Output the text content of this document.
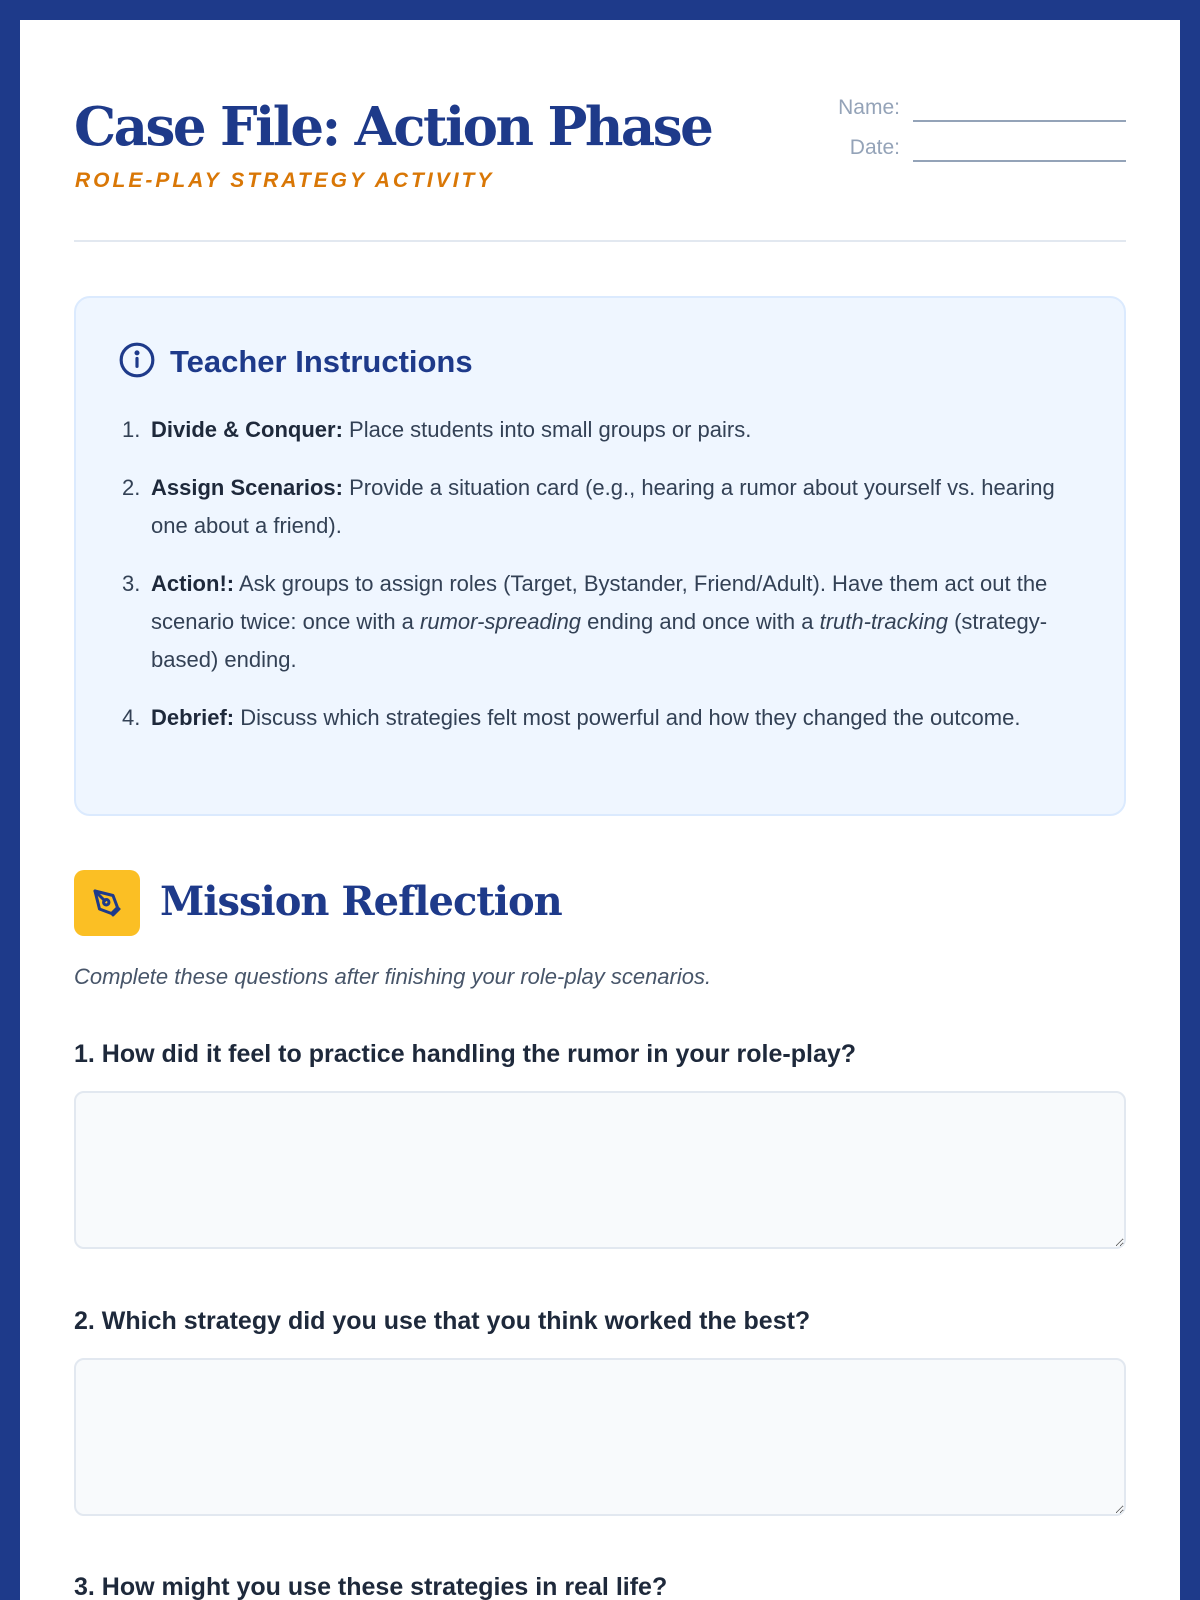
Case File: Action Phase
ROLE-PLAY STRATEGY ACTIVITY
Name:
Date:
Teacher Instructions
1. Divide & Conquer: Place students into small groups or pairs.
2. Assign Scenarios: Provide a situation card (e.g., hearing a rumor about yourself vs. hearing one about a friend).
3. Action!: Ask groups to assign roles (Target, Bystander, Friend/Adult). Have them act out the scenario twice: once with a rumor-spreading ending and once with a truth-tracking (strategy-based) ending.
4. Debrief: Discuss which strategies felt most powerful and how they changed the outcome.
Mission Reflection
Complete these questions after finishing your role-play scenarios.
1. How did it feel to practice handling the rumor in your role-play?
2. Which strategy did you use that you think worked the best?
3. How might you use these strategies in real life?
